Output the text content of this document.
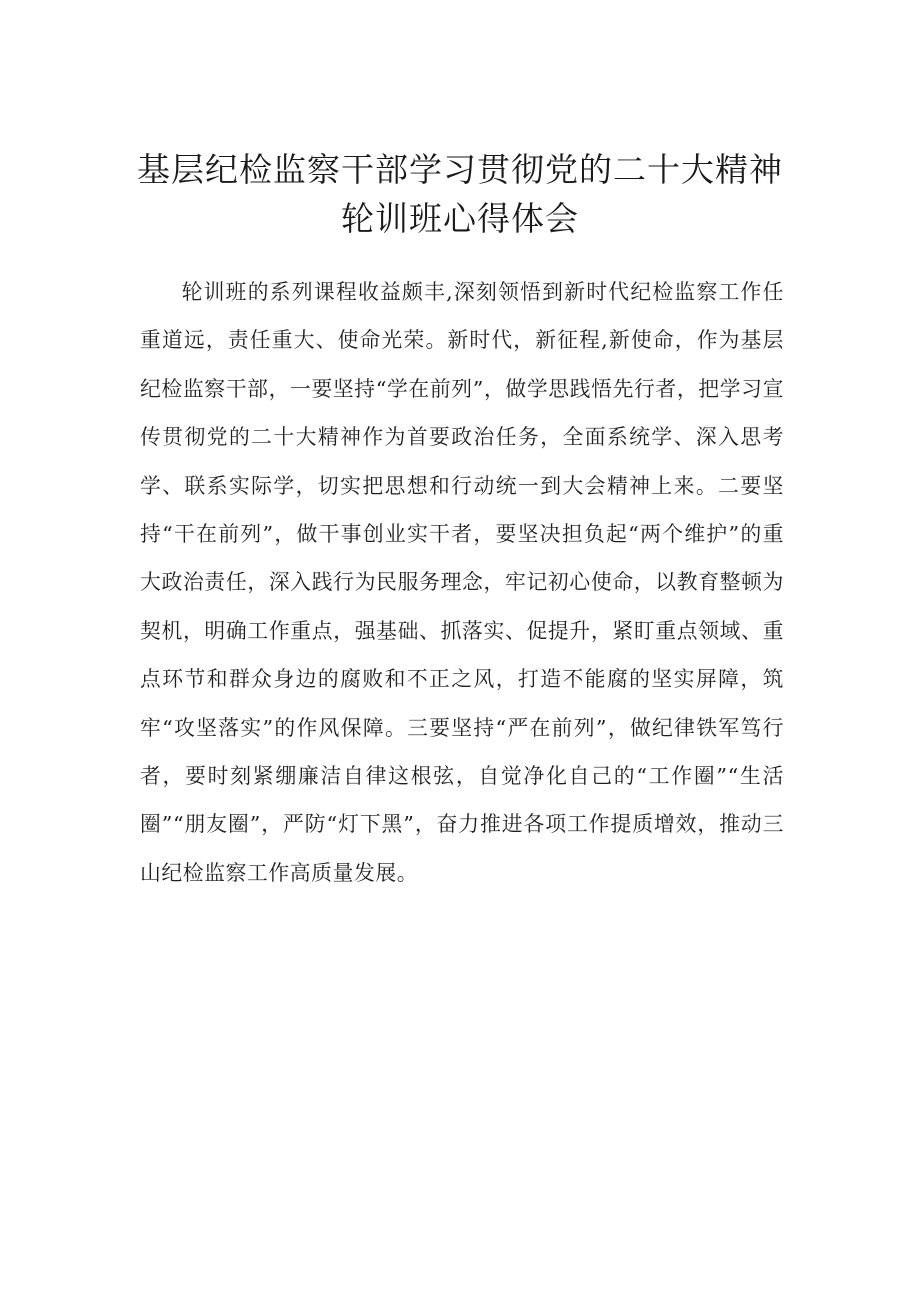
基层纪检监察干部学习贯彻党的二十大精神
轮训班心得体会

轮训班的系列课程收益颇丰,深刻领悟到新时代纪检监察工作任重道远，责任重大、使命光荣。新时代，新征程,新使命，作为基层纪检监察干部，一要坚持“学在前列”，做学思践悟先行者，把学习宣传贯彻党的二十大精神作为首要政治任务，全面系统学、深入思考学、联系实际学，切实把思想和行动统一到大会精神上来。二要坚持“干在前列”，做干事创业实干者，要坚决担负起“两个维护”的重大政治责任，深入践行为民服务理念，牢记初心使命，以教育整顿为契机，明确工作重点，强基础、抓落实、促提升，紧盯重点领域、重点环节和群众身边的腐败和不正之风，打造不能腐的坚实屏障，筑牢“攻坚落实”的作风保障。三要坚持“严在前列”，做纪律铁军笃行者，要时刻紧绷廉洁自律这根弦，自觉净化自己的“工作圈”“生活圈”“朋友圈”，严防“灯下黑”，奋力推进各项工作提质增效，推动三山纪检监察工作高质量发展。
